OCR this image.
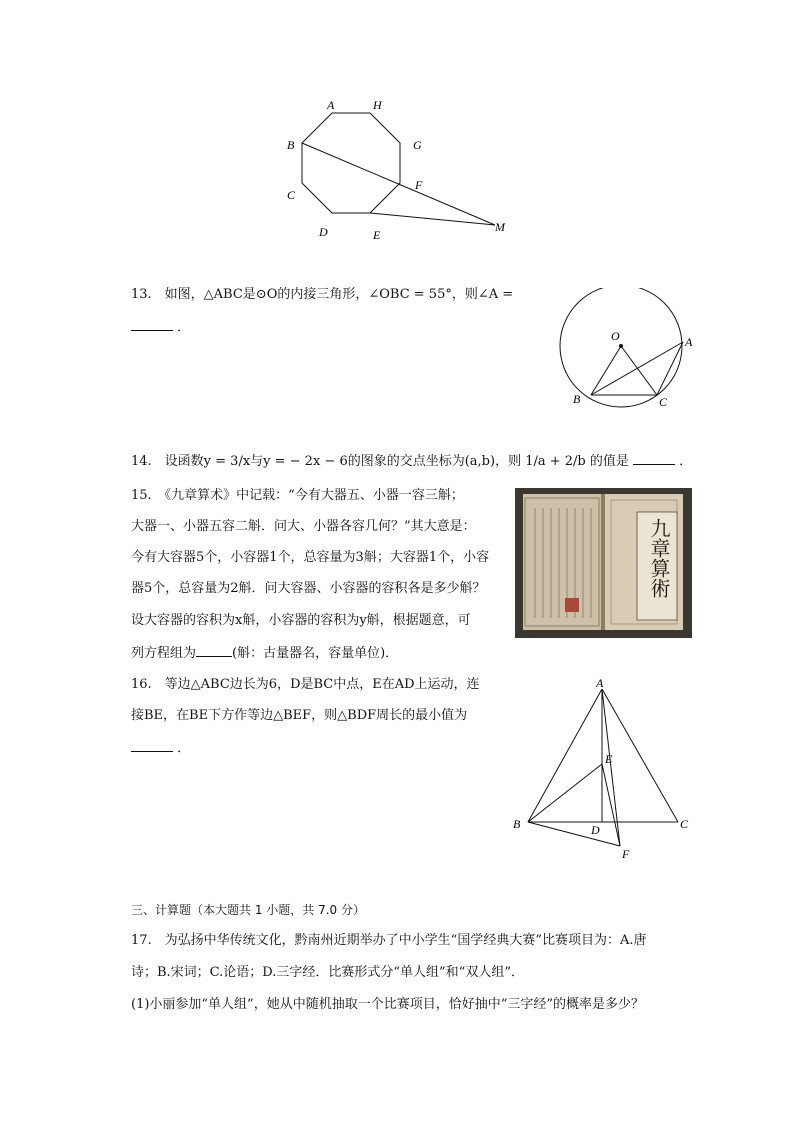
A	H
G
F
M
E
D
C
B
13.　如图，△ABC是⊙O的内接三角形，∠OBC = 55°，则∠A =
．
O	A
B	C
14.　设函数y = 3/x与y = − 2x − 6的图象的交点坐标为(a,b)，则 1/a + 2/b 的值是	．
15.　《九章算术》中记载：“今有大器五、小器一容三斛；
大器一、小器五容二斛．问大、小器各容几何？”其大意是：
今有大容器5个，小容器1个，总容量为3斛；大容器1个，小容
器5个，总容量为2斛．问大容器、小容器的容积各是多少斛？
设大容器的容积为x斛，小容器的容积为y斛，根据题意，可
列方程组为	(斛：古量器名，容量单位)．
九章算術
16.　等边△ABC边长为6，D是BC中点，E在AD上运动，连
接BE，在BE下方作等边△BEF，则△BDF周长的最小值为
．
A
E
B	D	C
F
三、计算题（本大题共 1 小题，共 7.0 分）
17.　为弘扬中华传统文化，黔南州近期举办了中小学生“国学经典大赛”比赛项目为：A.唐
诗；B.宋词；C.论语；D.三字经．比赛形式分“单人组”和“双人组”．
(1)小丽参加“单人组”，她从中随机抽取一个比赛项目，恰好抽中“三字经”的概率是多少？
